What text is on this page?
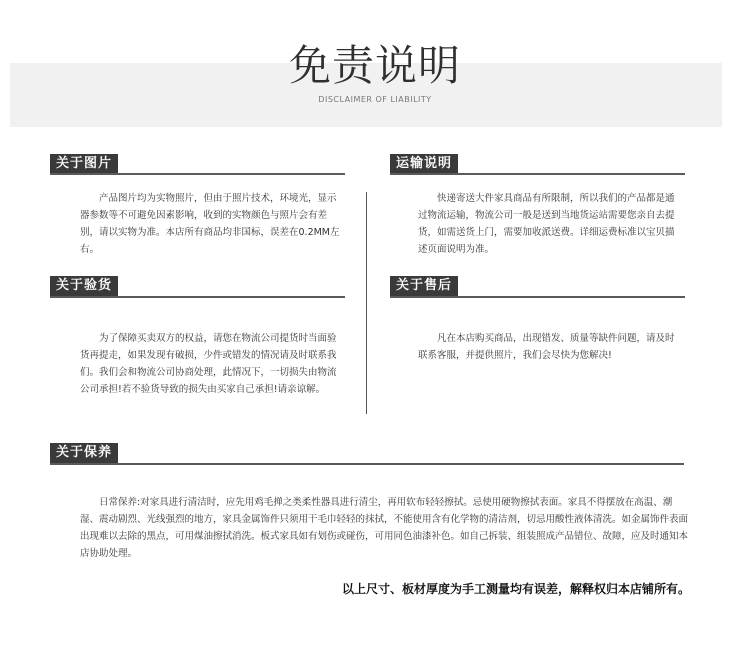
免责说明
DISCLAIMER OF LIABILITY
关于图片

产品图片均为实物照片，但由于照片技术，环境光，显示器参数等不可避免因素影响，收到的实物颜色与照片会有差别，请以实物为准。本店所有商品均非国标，误差在0.2MM左右。

运输说明

快递寄送大件家具商品有所限制，所以我们的产品都是通过物流运输，物流公司一般是送到当地货运站需要您亲自去提货，如需送货上门，需要加收派送费。详细运费标准以宝贝描述页面说明为准。

关于验货

为了保障买卖双方的权益，请您在物流公司提货时当面验货再提走，如果发现有破损，少件或错发的情况请及时联系我们。我们会和物流公司协商处理，此情况下，一切损失由物流公司承担!若不验货导致的损失由买家自己承担!请亲谅解。

关于售后

凡在本店购买商品，出现错发、质量等缺件问题，请及时联系客服，并提供照片，我们会尽快为您解决!

关于保养

日常保养:对家具进行清洁时，应先用鸡毛掸之类柔性器具进行清尘，再用软布轻轻擦拭。忌使用硬物擦拭表面。家具不得摆放在高温、潮湿、震动剧烈、光线强烈的地方，家具金属饰件只须用干毛巾轻轻的抹拭，不能使用含有化学物的清洁剂，切忌用酸性液体清洗。如金属饰件表面出现难以去除的黑点，可用煤油擦拭消洗。板式家具如有划伤或碰伤，可用同色油漆补色。如自己拆装、组装照成产品错位、故障，应及时通知本店协助处理。

以上尺寸、板材厚度为手工测量均有误差，解释权归本店铺所有。
